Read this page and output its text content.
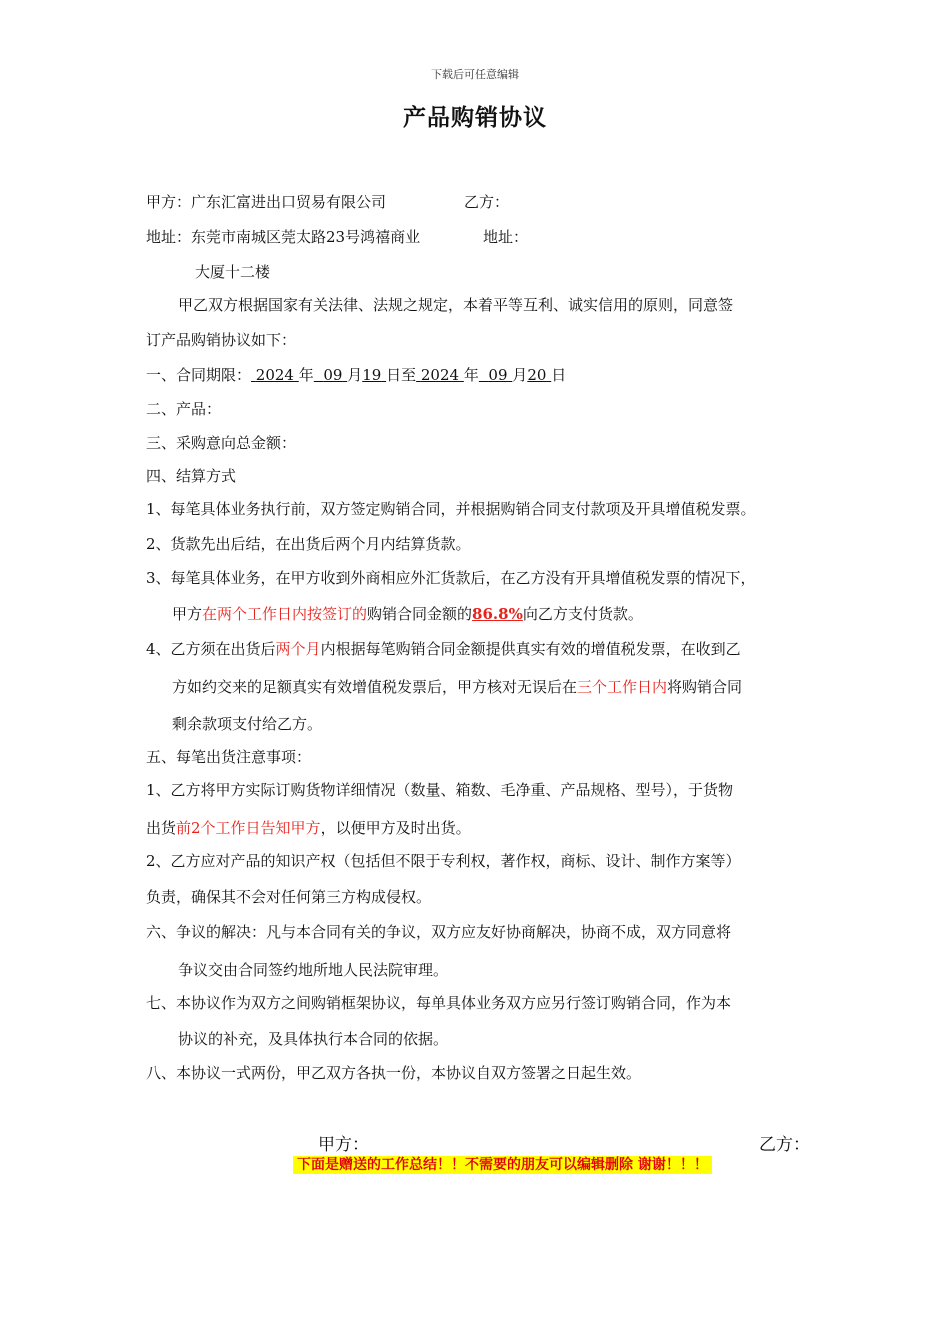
下载后可任意编辑
产品购销协议
甲方：广东汇富进出口贸易有限公司	乙方：
地址：东莞市南城区莞太路23号鸿禧商业	地址：
大厦十二楼
甲乙双方根据国家有关法律、法规之规定，本着平等互利、诚实信用的原则，同意签
订产品购销协议如下：
一、合同期限： 2024 年 09 月19 日至 2024 年 09 月20 日
二、产品：
三、采购意向总金额：
四、结算方式
1、每笔具体业务执行前，双方签定购销合同，并根据购销合同支付款项及开具增值税发票。
2、货款先出后结，在出货后两个月内结算货款。
3、每笔具体业务，在甲方收到外商相应外汇货款后，在乙方没有开具增值税发票的情况下，
甲方在两个工作日内按签订的购销合同金额的86.8%向乙方支付货款。
4、乙方须在出货后两个月内根据每笔购销合同金额提供真实有效的增值税发票，在收到乙
方如约交来的足额真实有效增值税发票后，甲方核对无误后在三个工作日内将购销合同
剩余款项支付给乙方。
五、每笔出货注意事项：
1、乙方将甲方实际订购货物详细情况（数量、箱数、毛净重、产品规格、型号），于货物
出货前2个工作日告知甲方，以便甲方及时出货。
2、乙方应对产品的知识产权（包括但不限于专利权，著作权，商标、设计、制作方案等）
负责，确保其不会对任何第三方构成侵权。
六、争议的解决：凡与本合同有关的争议，双方应友好协商解决，协商不成，双方同意将
争议交由合同签约地所地人民法院审理。
七、本协议作为双方之间购销框架协议，每单具体业务双方应另行签订购销合同，作为本
协议的补充，及具体执行本合同的依据。
八、本协议一式两份，甲乙双方各执一份，本协议自双方签署之日起生效。
甲方：	乙方：
下面是赠送的工作总结！！不需要的朋友可以编辑删除 谢谢！！！
